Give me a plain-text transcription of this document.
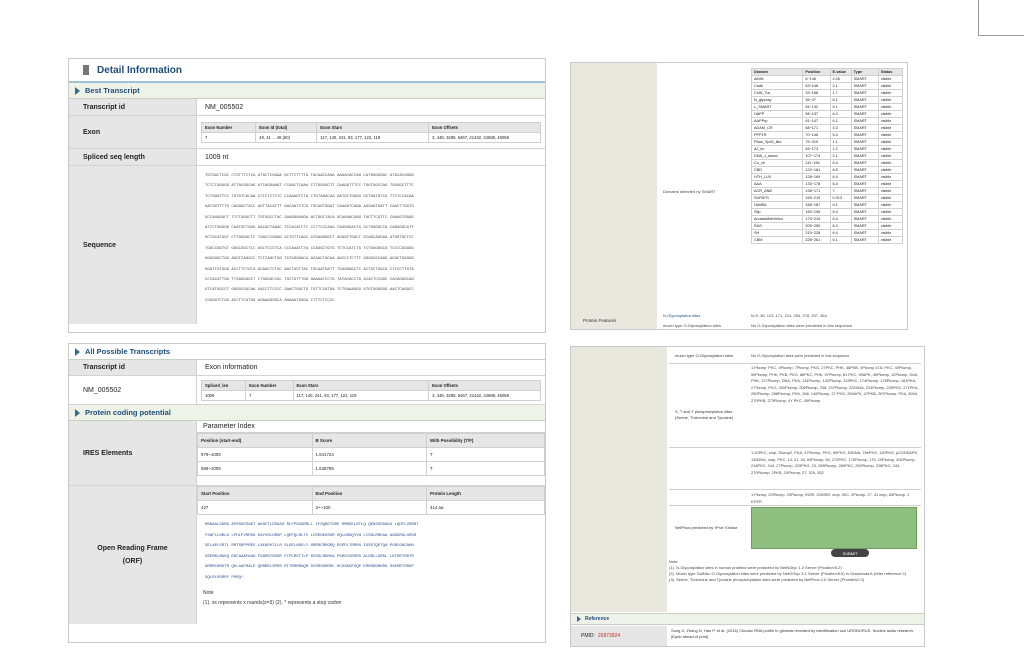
Detail Information
Best Transcript
Transcript id	NM_005502
Exon
Exon Number	Exon Id (total)	Exon Stars	Exon Offsets
7	40, 41 ... 46 (60)	117, 140, 241, 93, 177, 122, 119	3, 448, 3288, 6467, 21442, 24688, 46058
Spliced seq length	1009 nt
Sequence
TGTGGCTCGC CTGTTTCTCA ATGCTCGGAA GCTTCTTTTA TACAACCAGA AAGACACCAG CATGGGGGGC ATGCACGGGG
TCTCTGGGGG ATTACGGCAG ATCAGGAAGT CCAACTCAAA CTTGGGGCTT CAAGATTTCC TGGTGGCCAG TGGGGCTTTC
TCTGGGTTCC TGTATCACAA CCTCTCTCTC CCAAAGTCTA CTGTAGACAA GATGCTGGGG GCTGATGTCA TTCTCCACAA
GATGGTTTTG CAGGGCTACC AGTTACATTT GACAATCTCG TGCAGTGGAT CAAGATCAGA AGGGATGATT CAACTTGGTG
GCCAGGGGCT TTCTGGGCTT TGTGGCCTAC GAGGGGGAGA ACTGGCTACA GCAGGACGAG TACTTCGTTC CAAGGTGGAG
ATCCTGGGGG CAATGCTGGG AACACTAAAC TCCACATCTC CCTTCCCAAG CAGGGGACTG GCTGGGGCCA CAGGGGCATT
GCTGCATGGT CTTGGGGCTC TGGCCCGGAG GCTGTTCAGC ATGAGGGGCT GGGGCTGGCT GCAGCAGGGA GTGGTGCTCC
TGGCCGGTGT GGGCGGCTCC AGCTCCCTCA CCCAAATCTA CCAGGCTGTG TCTCCATCTG TCTGGGGGCA TCCCCGGGGG
GGGGGGCTGG AGGTCAGGCC TCTCAGCTGG TATGGGGACA ACAACTACAA AGCCCTCTTT GGGGCGCAGG ACACTGGGGG
GGGTTGTGGG ACCTTCTGTA ACAACTCTGC AACTGCTTAC TGCAATGATT TGGGGAGCTC ACTGCTGGCG CTCCCTTGTA
CCCACATTGG TTGGGGGGCT CTGGGGCCGC TGCTGTTTGG GAAAATCCTG TATACACCTG ACACTCCGGC CACAGGGCAG
GTCATGGCCT GGGGCGGCAA GACCTTCCCC GAACTGGCTG TGTTCCATGA TCTGGAAGGG GTGTGGGGGG AACTCAGGCC
CGGGGTCTGG ACCTTCATGG AGAAGGGGCA AGAAATGGGA CTTTCTCCCC
All Possible Transcripts
Transcript id	Exon information
NM_005502
Spliced_len	Exon Number	Exon Stars	Exon Offsets
1009	7	117, 140, 241, 93, 177, 122, 119	3, 448, 3288, 6467, 21442, 24688, 46058
Protein coding potential
IRES Elements
Parameter Index
Position (start-end)	B Score	With Possibility (T/F)
979~1009	1.641724	T
959~1009	1.638785	T
Open Reading Frame
(ORF)
Start Position	End Position	Protein Length
427	3+~100	414 aa
MSNAALGDRG APRSGFDAKT AKGFTLDDGAS RLFPGGGRRLL IFSQRDTGRE RMRGELRTLQ QEKSSSSAEA LQDFLVDRNT
FSAFLLNRLG LPHLFVRRDG DAYVSLHRGP LQEFQLRLTV LCRDGEKSDR DQLGRGQYVH LCSGLRREAA AGGDRGLSRGR
SELAPLSRTL RRTSRPPREE LAEAPKTLLR SLGELHGELY GRRRCRRGRQ EGPPLTRRRG IGSSTQETQA PGRCGKCAHH
SSERKLMAKQ ENCGAAFKAG FGDRGTRSSR ETPCRSTTLP RCRDLRKRKA PGRGCSRSRS ALGRLLGRSL LKTRRTRRTR
GRRRCHRKTR QELAAPRALE QRRRELSPRS RTTRRRRGQR DCRRSSRRRL RCSSKGFSQP ERRGRGRKRG SSERRTSRGP
SQLRLRSRRF PRRQ*
Note
(1). xx represents x rounds(x=3) (2). * represents a stop codon
Protein Features
Domains detected by SMART
N-Glycosylation sites	N-S: 36, 123, 171, 214, 264, 278, 337, 364
mucin type O-Glycosylation sites	No O-Glycosylation sites were predicted in this sequence
Domain	Position	E-value	Type	Status
AMIN	6~146	4.06	SMART	visible
Cadh	63~148	2.1	SMART	visible
ChW_Tox	33~168	1.7	SMART	visible
N_glycosy	36~47	6.1	SMART	visible
L_SMART	54~132	6.1	SMART	visible
HAPP	58~137	6.4	SMART	visible
AAPPrp	61~147	6.1	SMART	visible
ADAM_CR	68~171	4.3	SMART	visible
PPP1R	70~146	5.4	SMART	visible
Pfam_SprD_like	79~219	1.1	SMART	visible
AJ_lin	83~173	1.2	SMART	visible
DNA_J_assoc	107~174	2.1	SMART	visible
Cu_ch	111~154	6.4	SMART	visible
CBD	123~181	6.5	SMART	visible
HTH_LUX	128~169	6.4	SMART	visible
AAA	133~178	6.4	SMART	visible
ACR_ANB	138~171	7	SMART	visible
SUPATR	153~219	0.013	SMART	visible
HAMBL	158~187	6.1	SMART	visible
Stip	160~196	6.4	SMART	visible
ArcadaMetHelico	173~219	6.4	SMART	visible
RAS	205~250	6.4	SMART	visible
SH	215~228	6.4	SMART	visible
CBM	228~261	6.1	SMART	visible
mucin type O-Glycosylation sites	No O-Glycosylation sites were predicted in this sequence
S, T and Y phosphorylation sites (Serine, Threonine and Tyrosine)
1.Pkcmp: PKC, 4Pkcmp, 7Pkcmp, PKG, 27PKC, PHK, 46PKB, 4Pkcmp 47A: PKC, 40Pkcmp, 59Pkcmp, PHK, PKB, PKG, 86PKC, PHK, 97Pkcmp, 81 PKC, 99APK, 40Pkcmp, 12Pkcmp, DnA, PHK, 127Pkcmp, DNA, PKA, 131Pkcmp, 132Pkcmp, 133PKC, 174Pkcmp, 178Pkcmp, 181PKA, 2 Pkcmp, PKG, 200Pkcmp, 206Pkcmp, 208, 207Pkcmp, 222DNA, 224Pkcmp, 230PKG, 271PKA, 250Pkcmp, 268Pkcmp, PHK, 266, 140Pkcmp, 27 PKG, 259APK, 47PKB, 267Pkcmp, PKA, 8004, 270PKB, 273Pkcmp, 4Y PKC, 39Pkcmp
1.20PKC, cmp, 25cmp2, PKA, 47Pkcmp, PKG, 80PKG, 83DNA, 78ePKG, 130PKG, pCDNSAPK, 138DNA, cmp, PKC, 14, 21, 34, 63Pkcmp, 64, 270PKC, 176Pkcmp, 179, 10Pkcmp, 204Pkcmp, 216PKC, 244, 27Pkcmp, 229PKG, 23, 265Pkcmp, 269PKC, 250Pkcmp, 228PKG, 244, 270Pkcmp, 2PKB, 33Pkcmp, 27, 329, 352
1.Pkcmp, 20Pkcmp, 20Pkcmp, INSR, 20INSR, cmp, 90C, 2Pkcmp, 27, 41 cmp, 83Pkcmp, 1 EGFR
NetPhos predicted by 'iProt' Kinase
SUBMIT
Note
(1). N-Glycosylation sites in human proteins were predicted by NetNGlyc 1.0 Server (Prosite/v5.2)
(2). Mucin type GalNAc O-Glycosylation sites were predicted by NetOGlyc 3.1 Server (Prosite/v5.0) in Oussamaa A (refer reference 2)
(3). Serine, Threonine and Tyrosine phosphorylation sites were predicted by NetPhos 2.0 Server (Prosite/v2.0)
Reference
PMID: 26873924
Song X, Zhang N, Han P, et al. (2016) Circular RNA profile in gliomas revealed by identification tool UROBORUS. Nucleic acids research. [Epub ahead of print]
